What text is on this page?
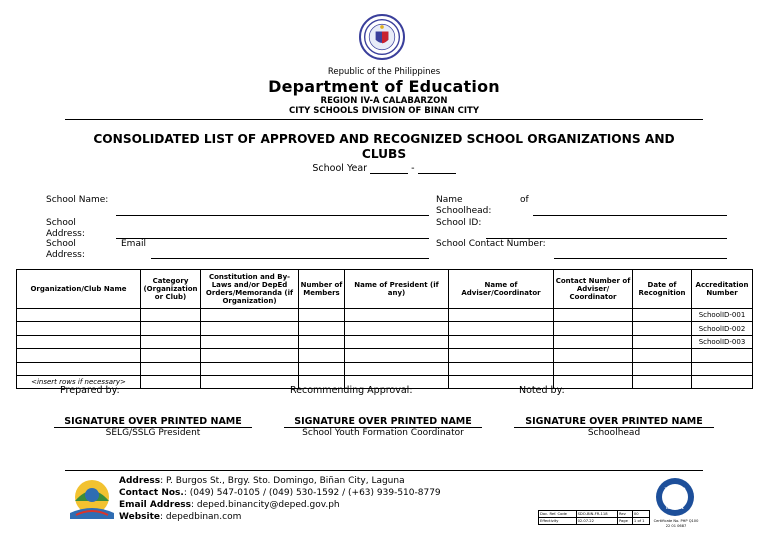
Republic of the Philippines
Department of Education
REGION IV-A CALABARZON
CITY SCHOOLS DIVISION OF BINAN CITY
CONSOLIDATED LIST OF APPROVED AND RECOGNIZED SCHOOL ORGANIZATIONS AND
CLUBS
School Year	-
School Name:
School Address:
School	Email
Address:
Name	of
Schoolhead:
School ID:
School Contact Number:
Organization/Club Name	Category (Organization or Club)	Constitution and By-Laws and/or DepEd Orders/Memoranda (if Organization)	Number of Members	Name of President (if any)	Name of Adviser/Coordinator	Contact Number of Adviser/ Coordinator	Date of Recognition	Accreditation Number
								SchoolID-001
								SchoolID-002
								SchoolID-003

<insert rows if necessary>								
Prepared by:	Recommending Approval:	Noted by:
SIGNATURE OVER PRINTED NAME
SELG/SSLG President
SIGNATURE OVER PRINTED NAME
School Youth Formation Coordinator
SIGNATURE OVER PRINTED NAME
Schoolhead
Address: P. Burgos St., Brgy. Sto. Domingo, Biñan City, Laguna
Contact Nos.: (049) 547-0105 / (049) 530-1592 / (+63) 939-510-8779
Email Address: deped.binancity@deped.gov.ph
Website: depedbinan.com	Doc. Ref. Code	SDO-BIN-FR-118	Rev	00
Effectivity	02.07.22	Page	1 of 1
TÜV NORD
ISO 9001
Certificate No. PHP Q100
22 01 0687
